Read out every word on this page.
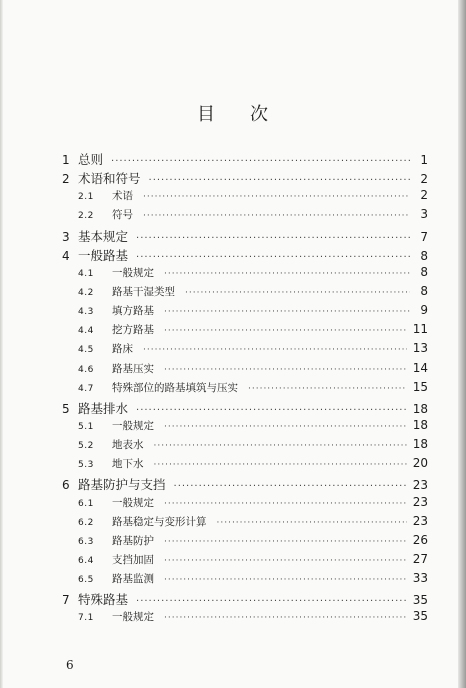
目 次
1 总则 ·····	1
2 术语和符号 ·····	2
2.1	术语 ·····	2
2.2	符号 ·····	3
3 基本规定 ·····	7
4 一般路基 ·····	8
4.1	一般规定 ·····	8
4.2	路基干湿类型 ·····	8
4.3	填方路基 ·····	9
4.4	挖方路基 ·····	11
4.5	路床 ·····	13
4.6	路基压实 ·····	14
4.7	特殊部位的路基填筑与压实 ·····	15
5 路基排水 ·····	18
5.1	一般规定 ·····	18
5.2	地表水 ·····	18
5.3	地下水 ·····	20
6 路基防护与支挡 ·····	23
6.1	一般规定 ·····	23
6.2	路基稳定与变形计算 ·····	23
6.3	路基防护 ·····	26
6.4	支挡加固 ·····	27
6.5	路基监测 ·····	33
7 特殊路基 ·····	35
7.1	一般规定 ·····	35
6
